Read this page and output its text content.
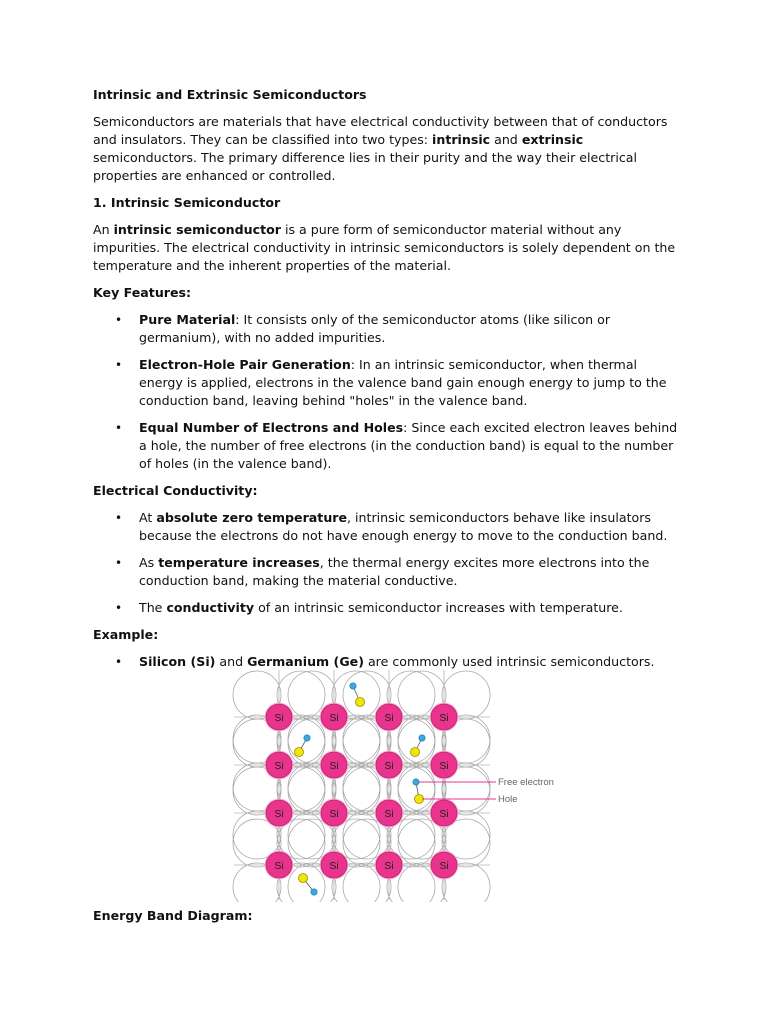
Intrinsic and Extrinsic Semiconductors

Semiconductors are materials that have electrical conductivity between that of conductors and insulators. They can be classified into two types: intrinsic and extrinsic semiconductors. The primary difference lies in their purity and the way their electrical properties are enhanced or controlled.

1. Intrinsic Semiconductor

An intrinsic semiconductor is a pure form of semiconductor material without any impurities. The electrical conductivity in intrinsic semiconductors is solely dependent on the temperature and the inherent properties of the material.

Key Features:

• Pure Material: It consists only of the semiconductor atoms (like silicon or germanium), with no added impurities.
• Electron-Hole Pair Generation: In an intrinsic semiconductor, when thermal energy is applied, electrons in the valence band gain enough energy to jump to the conduction band, leaving behind "holes" in the valence band.
• Equal Number of Electrons and Holes: Since each excited electron leaves behind a hole, the number of free electrons (in the conduction band) is equal to the number of holes (in the valence band).

Electrical Conductivity:

• At absolute zero temperature, intrinsic semiconductors behave like insulators because the electrons do not have enough energy to move to the conduction band.
• As temperature increases, the thermal energy excites more electrons into the conduction band, making the material conductive.
• The conductivity of an intrinsic semiconductor increases with temperature.

Example:

• Silicon (Si) and Germanium (Ge) are commonly used intrinsic semiconductors.
Si	Si	Si	Si
Si	Si	Si	Si
Si	Si	Si	Si
Si	Si	Si	Si
Free electron
Hole
Energy Band Diagram:
